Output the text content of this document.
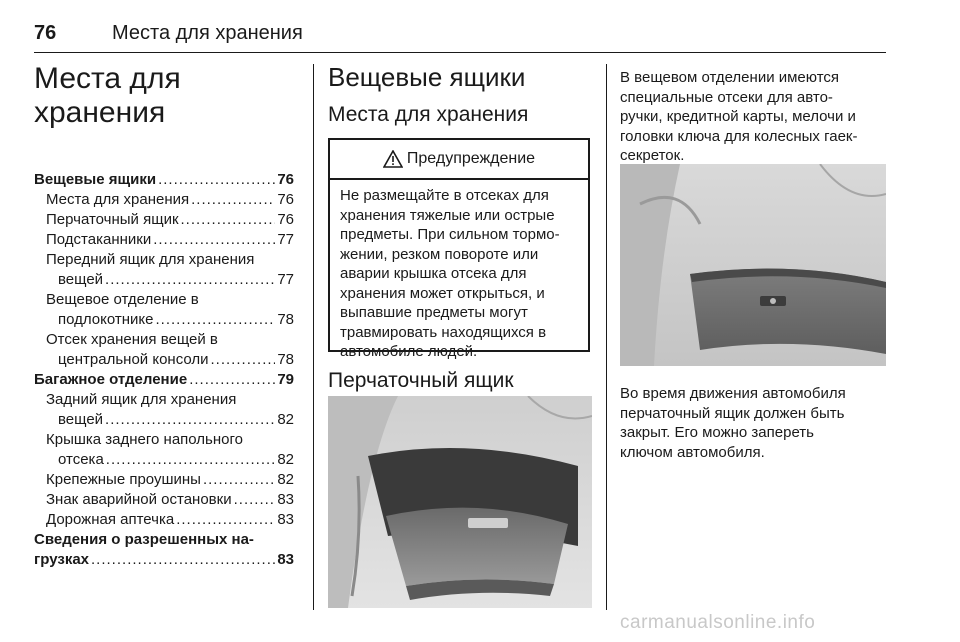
76	Места для хранения
Места для
хранения
Вещевые ящики .....	76
Места для хранения .....	76
Перчаточный ящик .....	76
Подстаканники .....	77
Передний ящик для хранения
вещей .....	77
Вещевое отделение в
подлокотнике .....	78
Отсек хранения вещей в
центральной консоли .....	78
Багажное отделение .....	79
Задний ящик для хранения
вещей .....	82
Крышка заднего напольного
отсека .....	82
Крепежные проушины .....	82
Знак аварийной остановки .....	83
Дорожная аптечка .....	83
Сведения о разрешенных на-
грузках .....	83
Вещевые ящики
Места для хранения
Предупреждение
Не размещайте в отсеках для
хранения тяжелые или острые
предметы. При сильном тормо-
жении, резком повороте или
аварии крышка отсека для
хранения может открыться, и
выпавшие предметы могут
травмировать находящихся в
автомобиле людей.
Перчаточный ящик
В вещевом отделении имеются
специальные отсеки для авто-
ручки, кредитной карты, мелочи и
головки ключа для колесных гаек-
секреток.
Во время движения автомобиля
перчаточный ящик должен быть
закрыт. Его можно запереть
ключом автомобиля.
carmanualsonline.info
